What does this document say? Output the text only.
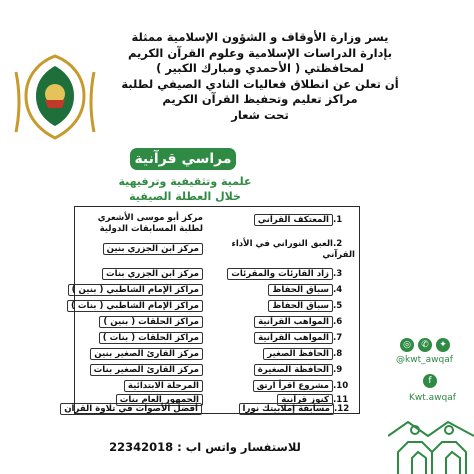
يسر وزارة الأوقاف و الشؤون الإسلامية ممثلة
بإدارة الدراسات الإسلامية وعلوم القرآن الكريم
لمحافظتي ( الأحمدي ومبارك الكبير )
أن تعلن عن انطلاق فعاليات النادي الصيفي لطلبة
مراكز تعليم وتحفيظ القرآن الكريم
تحت شعار
مراسي قرآنية
علمية وتثقيفية وترفيهية
خلال العطلة الصيفية
1.المعتكف القرآني
مركز أبو موسى الأشعري لطلبة المسابقات الدولية
2.العبق النوراني في الأداء القرآني
مركز ابن الجزري بنين
3.زاد القارئات والمقرئات
مركز ابن الجزري بنات
4.سباق الحفاظ
مراكز الإمام الشاطبي ( بنين )
5.سباق الحفاظ
مراكز الإمام الشاطبي ( بنات )
6.المواهب القرآنية
مراكز الحلقات ( بنين )
7.المواهب القرآنية
مراكز الحلقات ( بنات )
8.الحافظ الصغير
مركز القارئ الصغير بنين
9.الحافظة الصغيرة
مركز القارئ الصغير بنات
10.مشروع اقرأ ارتق
المرحلة الابتدائية
11.كنوز قرآنية
الجمهور العام بنات
12.مسابقة إملابيتك نورا
أفضل الأصوات في تلاوة القرآن
للاستفسار واتس اب : 22342018
◎	✆	✦
@kwt_awqaf
f
Kwt.awqaf
